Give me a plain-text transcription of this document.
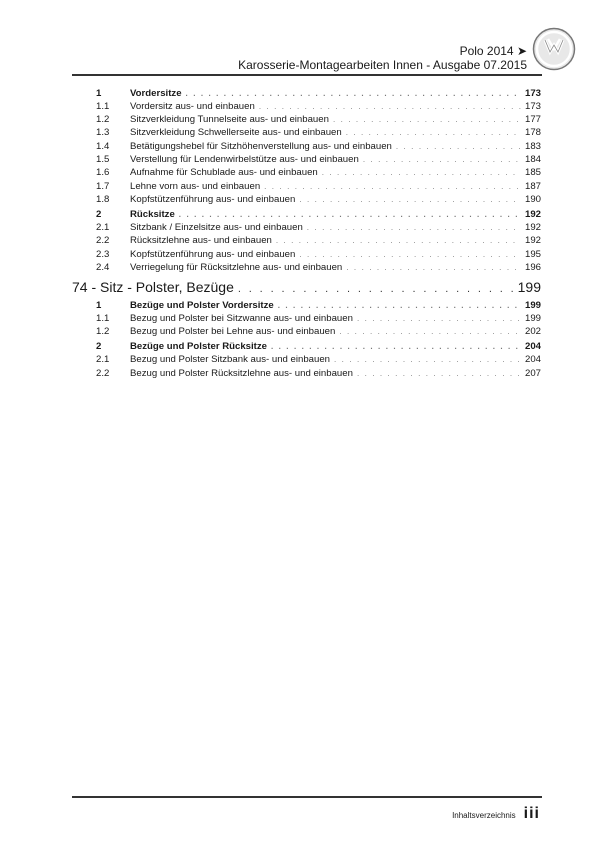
Polo 2014 ➤
Karosserie-Montagearbeiten Innen - Ausgabe 07.2015
1	Vordersitze . . .	173
1.1	Vordersitz aus- und einbauen . . .	173
1.2	Sitzverkleidung Tunnelseite aus- und einbauen . . .	177
1.3	Sitzverkleidung Schwellerseite aus- und einbauen . . .	178
1.4	Betätigungshebel für Sitzhöhenverstellung aus- und einbauen . . .	183
1.5	Verstellung für Lendenwirbelstütze aus- und einbauen . . .	184
1.6	Aufnahme für Schublade aus- und einbauen . . .	185
1.7	Lehne vorn aus- und einbauen . . .	187
1.8	Kopfstützenführung aus- und einbauen . . .	190
2	Rücksitze . . .	192
2.1	Sitzbank / Einzelsitze aus- und einbauen . . .	192
2.2	Rücksitzlehne aus- und einbauen . . .	192
2.3	Kopfstützenführung aus- und einbauen . . .	195
2.4	Verriegelung für Rücksitzlehne aus- und einbauen . . .	196
74 - Sitz - Polster, Bezüge . . .	199
1	Bezüge und Polster Vordersitze . . .	199
1.1	Bezug und Polster bei Sitzwanne aus- und einbauen . . .	199
1.2	Bezug und Polster bei Lehne aus- und einbauen . . .	202
2	Bezüge und Polster Rücksitze . . .	204
2.1	Bezug und Polster Sitzbank aus- und einbauen . . .	204
2.2	Bezug und Polster Rücksitzlehne aus- und einbauen . . .	207
Inhaltsverzeichnis iii
